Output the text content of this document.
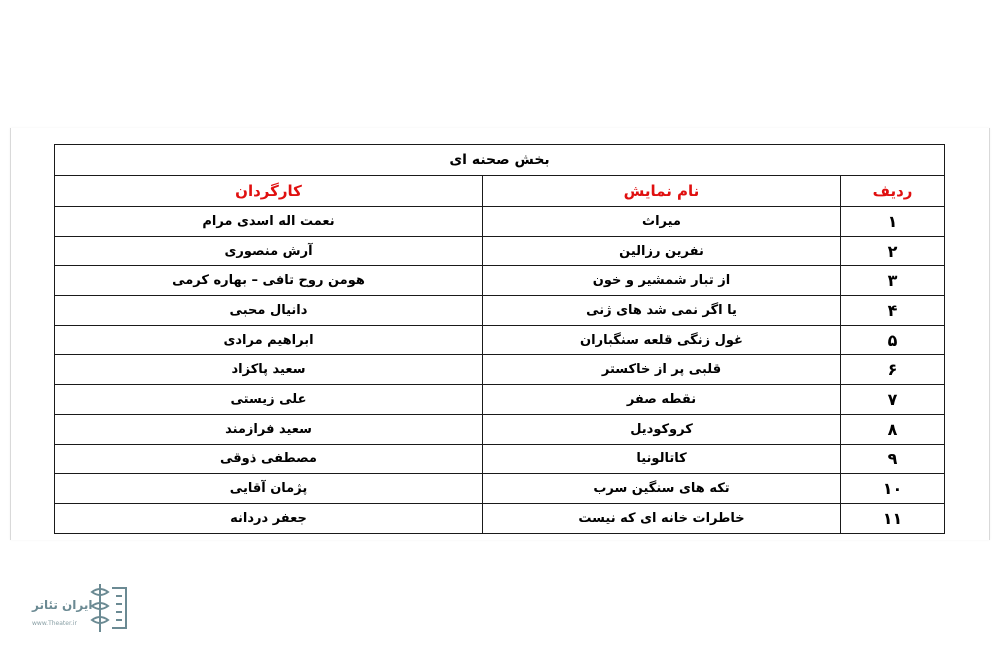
بخش صحنه ای		
ردیف	نام نمایش	کارگردان
۱	میراث	نعمت اله اسدی مرام
۲	نفرین رزالین	آرش منصوری
۳	از تبار شمشیر و خون	هومن روح تافی – بهاره کرمی
۴	یا اگر نمی شد های ژنی	دانیال محبی
۵	غول زنگی قلعه سنگباران	ابراهیم مرادی
۶	قلبی پر از خاکستر	سعید پاکزاد
۷	نقطه صفر	علی زیستی
۸	کروکودیل	سعید فرازمند
۹	کاتالونیا	مصطفی ذوقی
۱۰	تکه های سنگین سرب	پژمان آقایی
۱۱	خاطرات خانه ای که نیست	جعفر دردانه
ایران تئاتر
www.Theater.ir
